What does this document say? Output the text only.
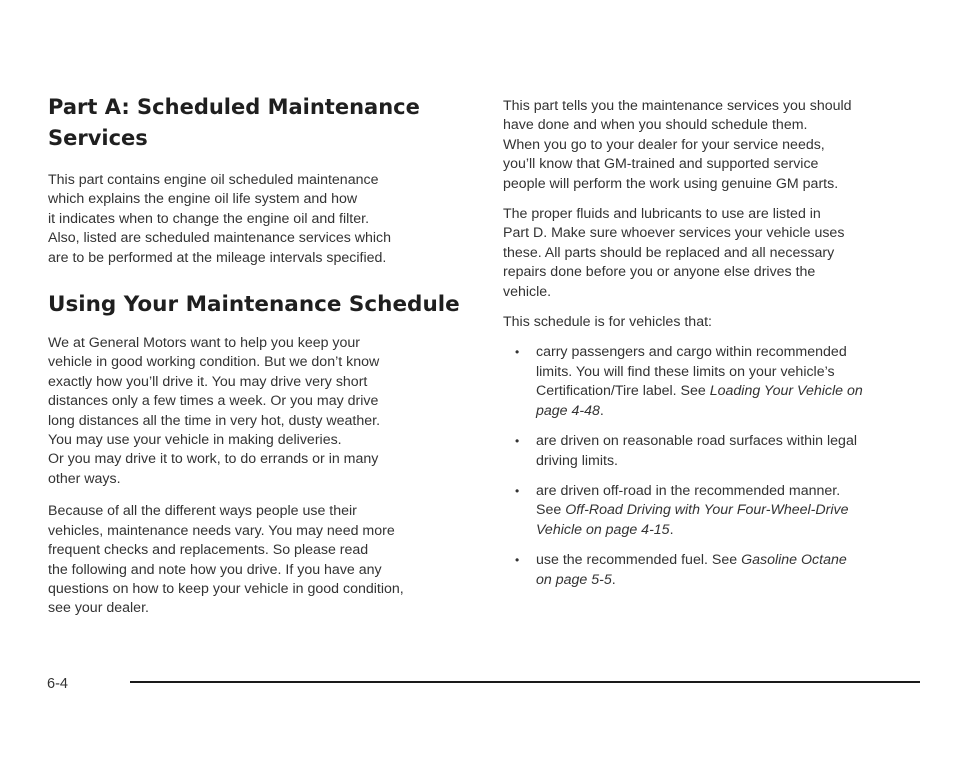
Part A: Scheduled Maintenance
Services

This part contains engine oil scheduled maintenance
which explains the engine oil life system and how
it indicates when to change the engine oil and filter.
Also, listed are scheduled maintenance services which
are to be performed at the mileage intervals specified.

Using Your Maintenance Schedule

We at General Motors want to help you keep your
vehicle in good working condition. But we don’t know
exactly how you’ll drive it. You may drive very short
distances only a few times a week. Or you may drive
long distances all the time in very hot, dusty weather.
You may use your vehicle in making deliveries.
Or you may drive it to work, to do errands or in many
other ways.

Because of all the different ways people use their
vehicles, maintenance needs vary. You may need more
frequent checks and replacements. So please read
the following and note how you drive. If you have any
questions on how to keep your vehicle in good condition,
see your dealer.

This part tells you the maintenance services you should
have done and when you should schedule them.
When you go to your dealer for your service needs,
you’ll know that GM-trained and supported service
people will perform the work using genuine GM parts.

The proper fluids and lubricants to use are listed in
Part D. Make sure whoever services your vehicle uses
these. All parts should be replaced and all necessary
repairs done before you or anyone else drives the
vehicle.

This schedule is for vehicles that:

• carry passengers and cargo within recommended
limits. You will find these limits on your vehicle’s
Certification/Tire label. See Loading Your Vehicle on
page 4-48.
• are driven on reasonable road surfaces within legal
driving limits.
• are driven off-road in the recommended manner.
See Off-Road Driving with Your Four-Wheel-Drive
Vehicle on page 4-15.
• use the recommended fuel. See Gasoline Octane
on page 5-5.
6-4
